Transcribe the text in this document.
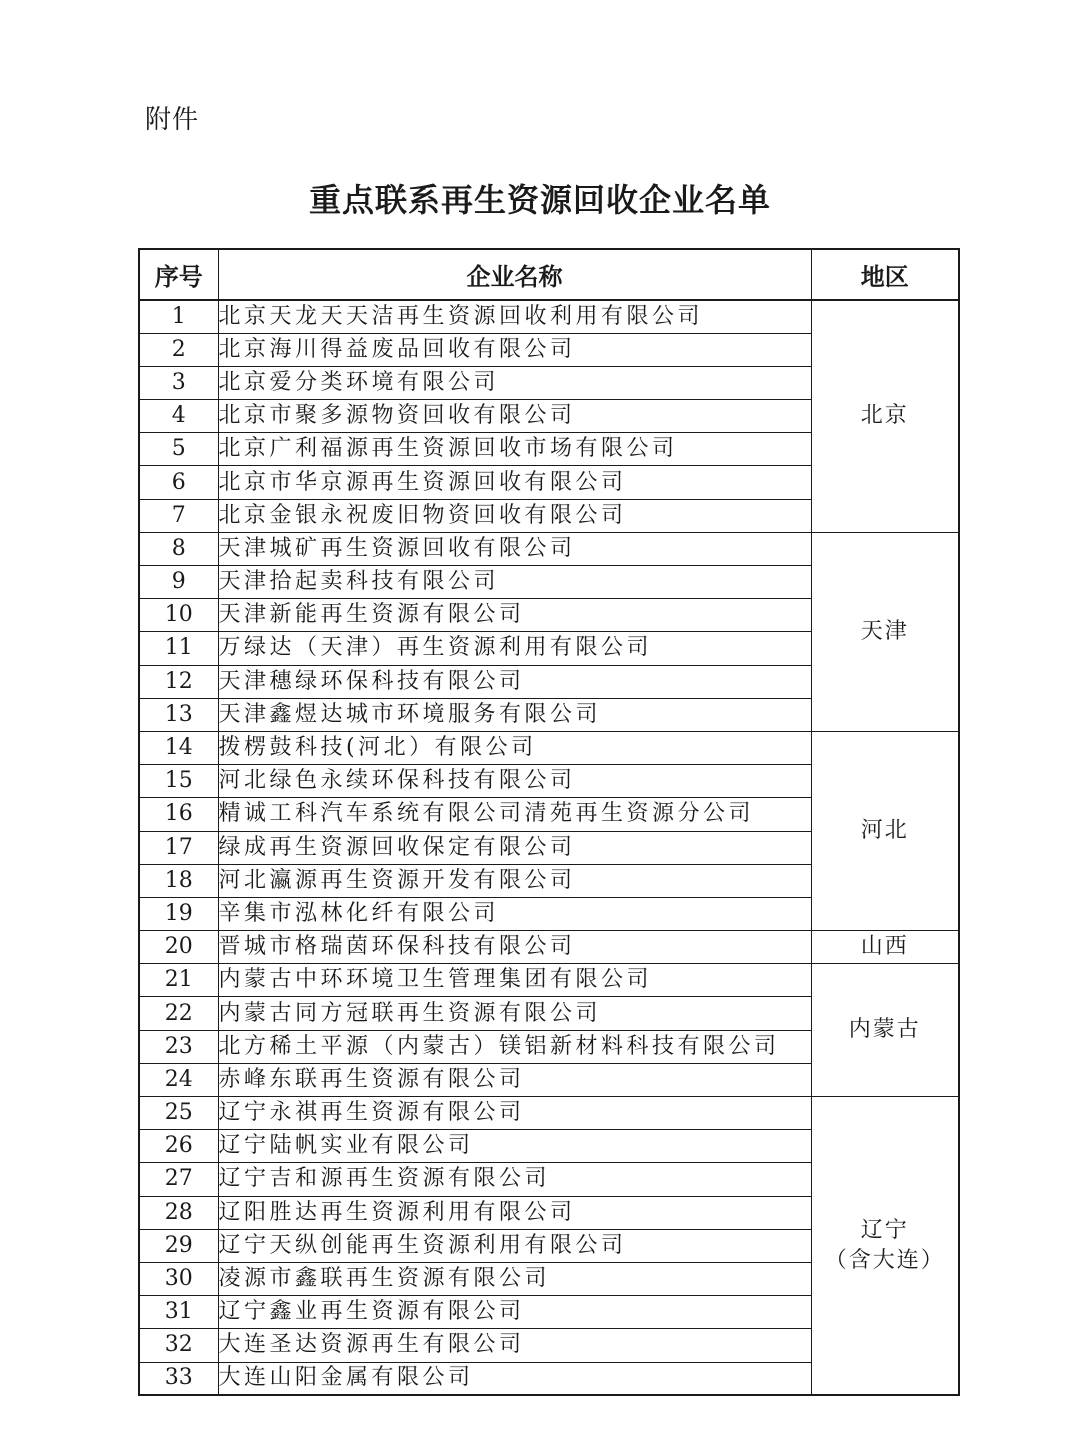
附件
重点联系再生资源回收企业名单
序号	企业名称	地区
1	北京天龙天天洁再生资源回收利用有限公司	北京

2	北京海川得益废品回收有限公司	
3	北京爱分类环境有限公司	
4	北京市聚多源物资回收有限公司	
5	北京广利福源再生资源回收市场有限公司	
6	北京市华京源再生资源回收有限公司	
7	北京金银永祝废旧物资回收有限公司	
8	天津城矿再生资源回收有限公司	天津

9	天津拾起卖科技有限公司	
10	天津新能再生资源有限公司	
11	万绿达（天津）再生资源利用有限公司	
12	天津穗绿环保科技有限公司	
13	天津鑫煜达城市环境服务有限公司	
14	拨楞鼓科技(河北）有限公司	河北

15	河北绿色永续环保科技有限公司	
16	精诚工科汽车系统有限公司清苑再生资源分公司	
17	绿成再生资源回收保定有限公司	
18	河北瀛源再生资源开发有限公司	
19	辛集市泓林化纤有限公司	
20	晋城市格瑞茵环保科技有限公司	山西

21	内蒙古中环环境卫生管理集团有限公司	内蒙古

22	内蒙古同方冠联再生资源有限公司	
23	北方稀土平源（内蒙古）镁铝新材料科技有限公司	
24	赤峰东联再生资源有限公司	
25	辽宁永祺再生资源有限公司	辽宁
（含大连）

26	辽宁陆帆实业有限公司	
27	辽宁吉和源再生资源有限公司	
28	辽阳胜达再生资源利用有限公司	
29	辽宁天纵创能再生资源利用有限公司	
30	凌源市鑫联再生资源有限公司	
31	辽宁鑫业再生资源有限公司	
32	大连圣达资源再生有限公司	
33	大连山阳金属有限公司	
